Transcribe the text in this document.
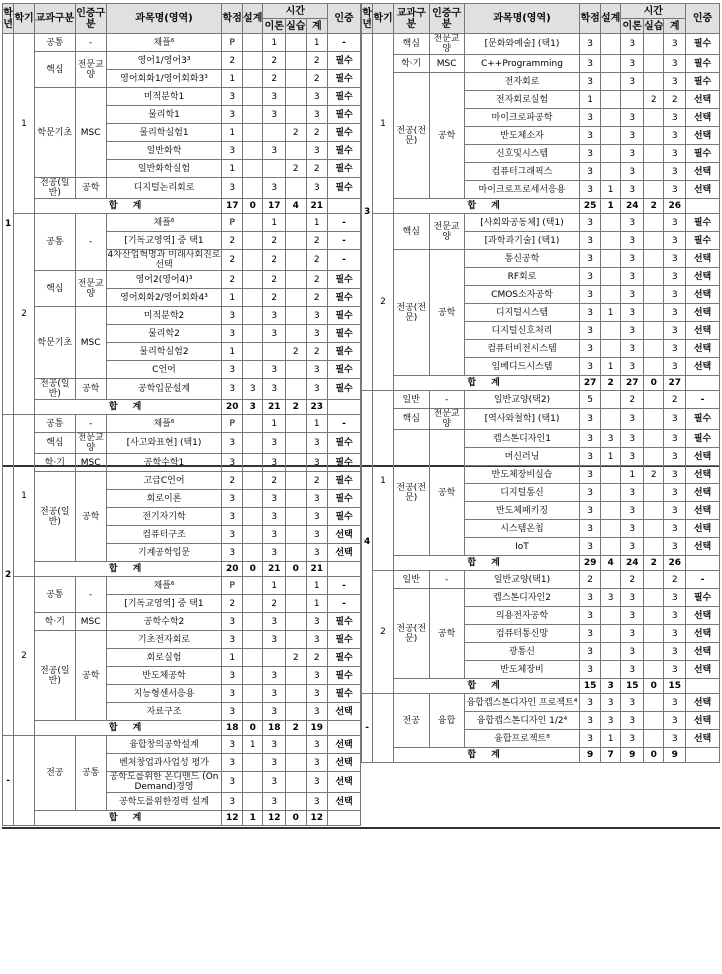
학년	학기	교과구분	인증구분	과목명(영역)	학점	설계	시간			인증
							이론	실습	계	
1	1	공통	-	채플⁶	P		1		1	-
		핵심	전문교양	영어1/영어3³	2		2		2	필수
				영어회화1/영어회화3³	1		2		2	필수
		학문기초	MSC	미적분학1	3		3		3	필수
				물리학1	3		3		3	필수
				물리학실험1	1			2	2	필수
				일반화학	3		3		3	필수
				일반화학실험	1			2	2	필수
		전공(일반)	공학	디지털논리회로	3		3		3	필수
		합 계			17	0	17	4	21	
	2	공통	-	채플⁶	P		1		1	-
				[기독교영역] 중 택1	2		2		2	-
				4차산업혁명과 미래사회진로선택	2		2		2	-
		핵심	전문교양	영어2(영어4)³	2		2		2	필수
				영어회화2/영어회화4³	1		2		2	필수
		학문기초	MSC	미적분학2	3		3		3	필수
				물리학2	3		3		3	필수
				물리학실험2	1			2	2	필수
				C언어	3		3		3	필수
		전공(일반)	공학	공학입문설계	3	3	3		3	필수
		합 계			20	3	21	2	23	
2	1	공통	-	채플⁶	P		1		1	-
		핵심	전문교양	[사고와표현] (택1)	3		3		3	필수
		학·기	MSC	공학수학1	3		3		3	필수
		전공(일반)	공학	고급C언어	2		2		2	필수
				회로이론	3		3		3	필수
				전기자기학	3		3		3	필수
				컴퓨터구조	3		3		3	선택
				기계공학입문	3		3		3	선택
		합 계			20	0	21	0	21	
	2	공통	-	채플⁶	P		1		1	-
				[기독교영역] 중 택1	2		2		1	-
		학·기	MSC	공학수학2	3		3		3	필수
		전공(일반)	공학	기초전자회로	3		3		3	필수
				회로실험	1			2	2	필수
				반도체공학	3		3		3	필수
				지능형센서응용	3		3		3	필수
				자료구조	3		3		3	선택
		합 계			18	0	18	2	19	
-		전공	공통	융합창의공학설계	3	1	3		3	선택
				벤처창업과사업성 평가	3		3		3	선택
				공학도를위한 온디맨드 (On Demand)경영	3		3		3	선택
				공학도를위한경력 설계	3		3		3	선택
		합 계			12	1	12	0	12	
학년	학기	교과구분	인증구분	과목명(영역)	학점	설계	시간			인증
							이론	실습	계	
3	1	핵심	전문교양	[문화와예술] (택1)	3		3		3	필수
		학·기	MSC	C++Programming	3		3		3	필수
		전공(전문)	공학	전자회로	3		3		3	필수
				전자회로실험	1			2	2	선택
				마이크로파공학	3		3		3	선택
				반도체소자	3		3		3	선택
				신호및시스템	3		3		3	필수
				컴퓨터그래픽스	3		3		3	선택
				마이크로프로세서응용	3	1	3		3	선택
		합 계			25	1	24	2	26	
	2	핵심	전문교양	[사회와공동체] (택1)	3		3		3	필수
				[과학과기술] (택1)	3		3		3	필수
		전공(전문)	공학	통신공학	3		3		3	선택
				RF회로	3		3		3	선택
				CMOS소자공학	3		3		3	선택
				디지털시스템	3	1	3		3	선택
				디지털신호처리	3		3		3	선택
				컴퓨터비전시스템	3		3		3	선택
				임베디드시스템	3	1	3		3	선택
		합 계			27	2	27	0	27	
4	1	일반	-	일반교양(택2)	5		2		2	-
		핵심	전문교양	[역사와철학] (택1)	3		3		3	필수
		전공(전문)	공학	캡스톤디자인1	3	3	3		3	필수
				머신러닝	3	1	3		3	선택
				반도체장비실습	3		1	2	3	선택
				디지털통신	3		3		3	선택
				반도체패키징	3		3		3	선택
				시스템온칩	3		3		3	선택
				IoT	3		3		3	선택
		합 계			29	4	24	2	26	
	2	일반	-	일반교양(택1)	2		2		2	-
		전공(전문)	공학	캡스톤디자인2	3	3	3		3	필수
				의용전자공학	3		3		3	선택
				컴퓨터통신망	3		3		3	선택
				광통신	3		3		3	선택
				반도체장비	3		3		3	선택
		합 계			15	3	15	0	15	
-		전공	융합	융합캡스톤디자인 프로젝트⁴	3	3	3		3	선택
				융합캡스톤디자인 1/2⁴	3	3	3		3	선택
				융합프로젝트⁸	3	1	3		3	선택
		합 계			9	7	9	0	9	
